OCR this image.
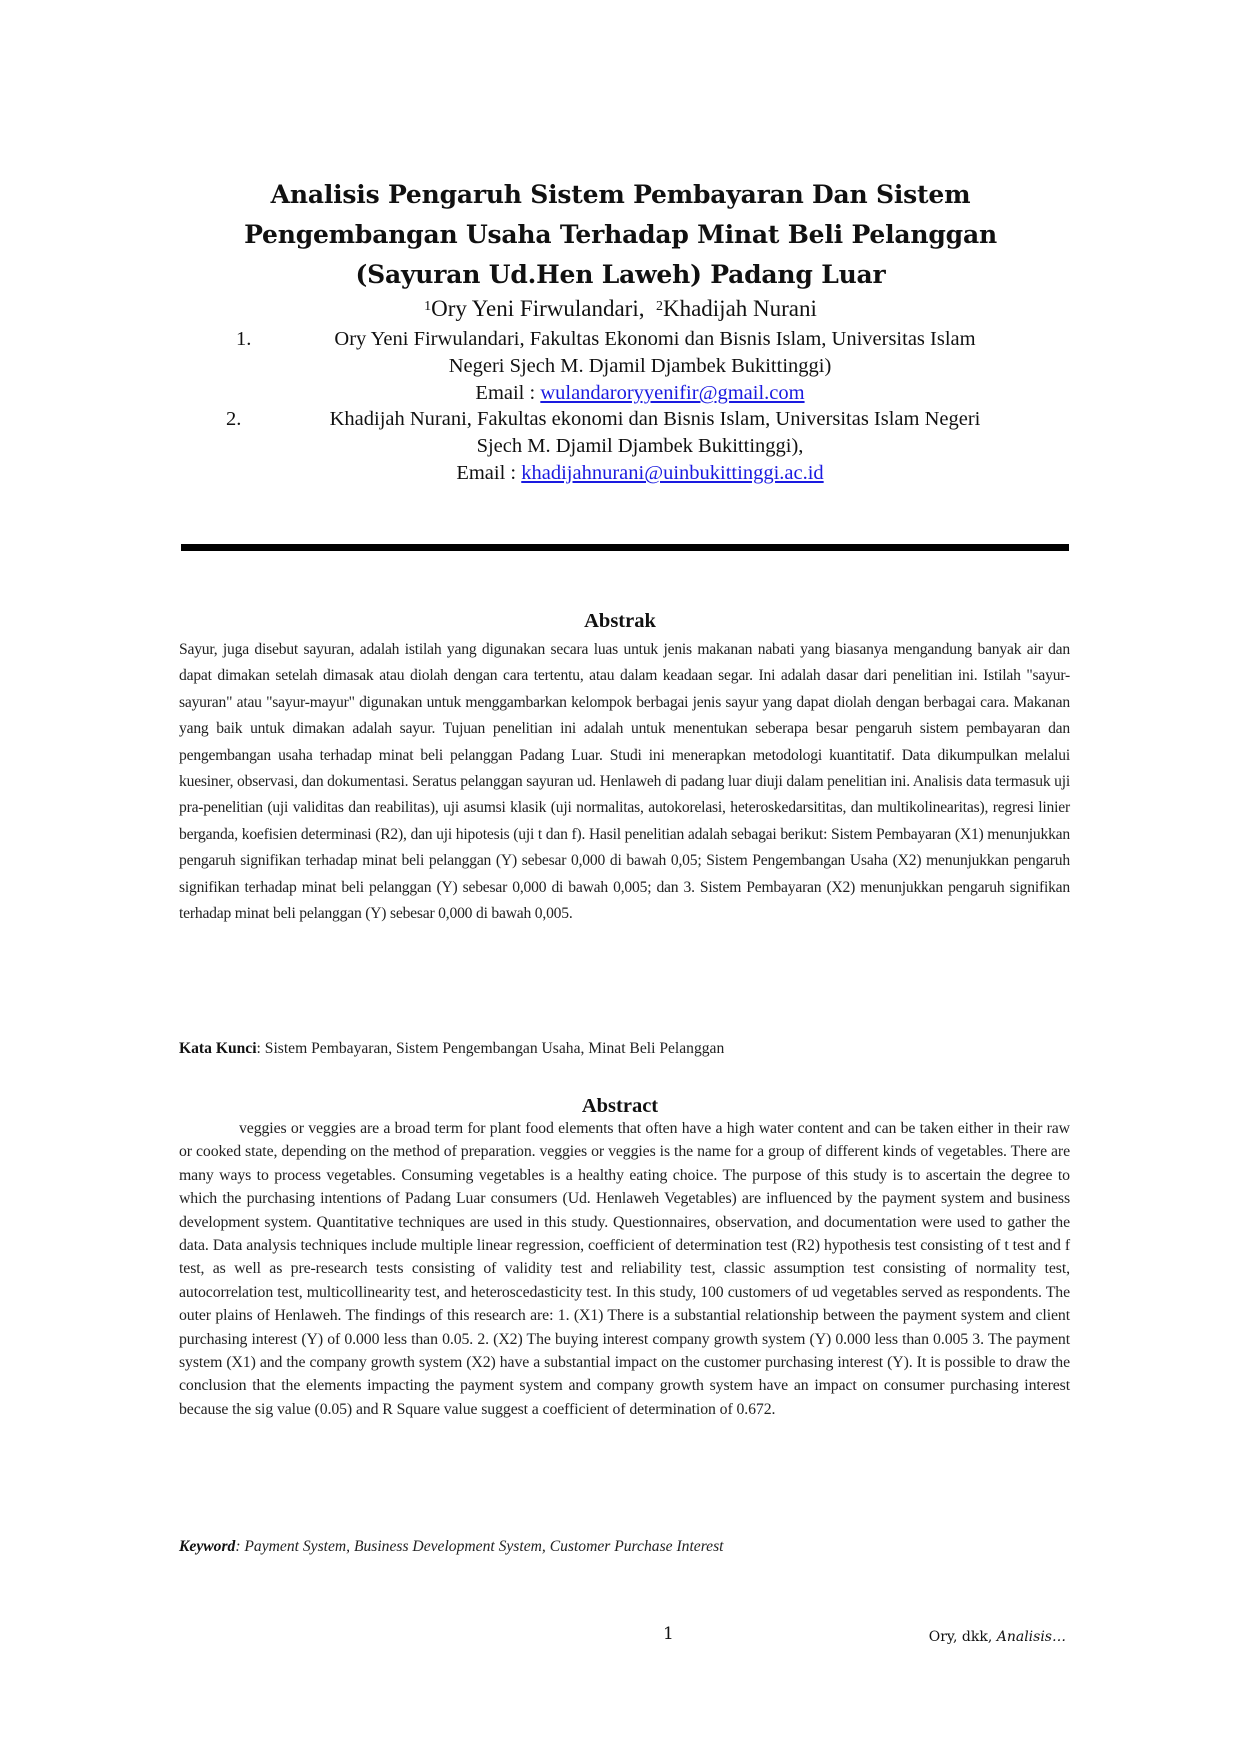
Analisis Pengaruh Sistem Pembayaran Dan Sistem
Pengembangan Usaha Terhadap Minat Beli Pelanggan
(Sayuran Ud.Hen Laweh) Padang Luar
$^1$Ory Yeni Firwulandari, $^2$Khadijah Nurani
1.	Ory Yeni Firwulandari, Fakultas Ekonomi dan Bisnis Islam, Universitas Islam
Negeri Sjech M. Djamil Djambek Bukittinggi)
Email : wulandaroryyenifir@gmail.com
2.	Khadijah Nurani, Fakultas ekonomi dan Bisnis Islam, Universitas Islam Negeri
Sjech M. Djamil Djambek Bukittinggi),
Email : khadijahnurani@uinbukittinggi.ac.id
Abstrak
Sayur, juga disebut sayuran, adalah istilah yang digunakan secara luas untuk jenis makanan nabati yang biasanya mengandung banyak air dan dapat dimakan setelah dimasak atau diolah dengan cara tertentu, atau dalam keadaan segar. Ini adalah dasar dari penelitian ini. Istilah "sayur-sayuran" atau "sayur-mayur" digunakan untuk menggambarkan kelompok berbagai jenis sayur yang dapat diolah dengan berbagai cara. Makanan yang baik untuk dimakan adalah sayur. Tujuan penelitian ini adalah untuk menentukan seberapa besar pengaruh sistem pembayaran dan pengembangan usaha terhadap minat beli pelanggan Padang Luar. Studi ini menerapkan metodologi kuantitatif. Data dikumpulkan melalui kuesiner, observasi, dan dokumentasi. Seratus pelanggan sayuran ud. Henlaweh di padang luar diuji dalam penelitian ini. Analisis data termasuk uji pra-penelitian (uji validitas dan reabilitas), uji asumsi klasik (uji normalitas, autokorelasi, heteroskedarsititas, dan multikolinearitas), regresi linier berganda, koefisien determinasi (R2), dan uji hipotesis (uji t dan f). Hasil penelitian adalah sebagai berikut: Sistem Pembayaran (X1) menunjukkan pengaruh signifikan terhadap minat beli pelanggan (Y) sebesar 0,000 di bawah 0,05; Sistem Pengembangan Usaha (X2) menunjukkan pengaruh signifikan terhadap minat beli pelanggan (Y) sebesar 0,000 di bawah 0,005; dan 3. Sistem Pembayaran (X2) menunjukkan pengaruh signifikan terhadap minat beli pelanggan (Y) sebesar 0,000 di bawah 0,005.
Kata Kunci: Sistem Pembayaran, Sistem Pengembangan Usaha, Minat Beli Pelanggan
Abstract
veggies or veggies are a broad term for plant food elements that often have a high water content and can be taken either in their raw or cooked state, depending on the method of preparation. veggies or veggies is the name for a group of different kinds of vegetables. There are many ways to process vegetables. Consuming vegetables is a healthy eating choice. The purpose of this study is to ascertain the degree to which the purchasing intentions of Padang Luar consumers (Ud. Henlaweh Vegetables) are influenced by the payment system and business development system. Quantitative techniques are used in this study. Questionnaires, observation, and documentation were used to gather the data. Data analysis techniques include multiple linear regression, coefficient of determination test (R2) hypothesis test consisting of t test and f test, as well as pre-research tests consisting of validity test and reliability test, classic assumption test consisting of normality test, autocorrelation test, multicollinearity test, and heteroscedasticity test. In this study, 100 customers of ud vegetables served as respondents. The outer plains of Henlaweh. The findings of this research are: 1. (X1) There is a substantial relationship between the payment system and client purchasing interest (Y) of 0.000 less than 0.05. 2. (X2) The buying interest company growth system (Y) 0.000 less than 0.005 3. The payment system (X1) and the company growth system (X2) have a substantial impact on the customer purchasing interest (Y). It is possible to draw the conclusion that the elements impacting the payment system and company growth system have an impact on consumer purchasing interest because the sig value (0.05) and R Square value suggest a coefficient of determination of 0.672.
Keyword: Payment System, Business Development System, Customer Purchase Interest
1	Ory, dkk, Analisis…
